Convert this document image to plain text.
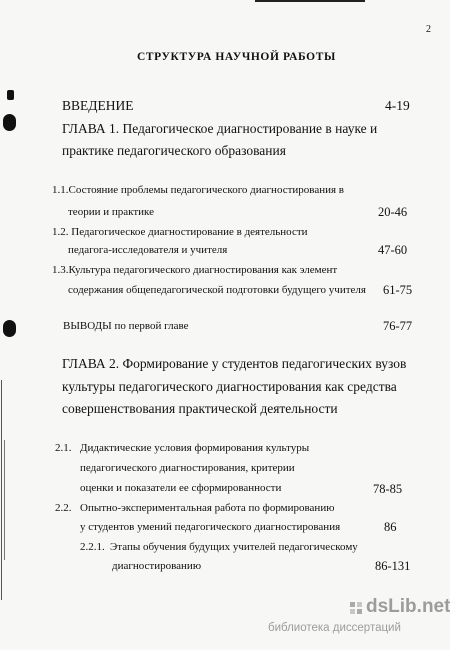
2
СТРУКТУРА НАУЧНОЙ РАБОТЫ
ВВЕДЕНИЕ	4-19
ГЛАВА 1. Педагогическое диагностирование в науке и
практике педагогического образования
1.1.Состояние проблемы педагогического диагностирования в
теории и практике	20-46
1.2. Педагогическое диагностирование в деятельности
педагога-исследователя и учителя	47-60
1.3.Культура педагогического диагностирования как элемент
содержания общепедагогической подготовки будущего учителя 61-75
ВЫВОДЫ по первой главе	76-77
ГЛАВА 2. Формирование у студентов педагогических вузов
культуры педагогического диагностирования как средства
совершенствования практической деятельности
2.1. Дидактические условия формирования культуры
педагогического диагностирования, критерии
оценки и показатели ее сформированности	78-85
2.2. Опытно-экспериментальная работа по формированию
у студентов умений педагогического диагностирования	86
2.2.1. Этапы обучения будущих учителей педагогическому
диагностированию	86-131
dsLib.net
библиотека диссертаций
